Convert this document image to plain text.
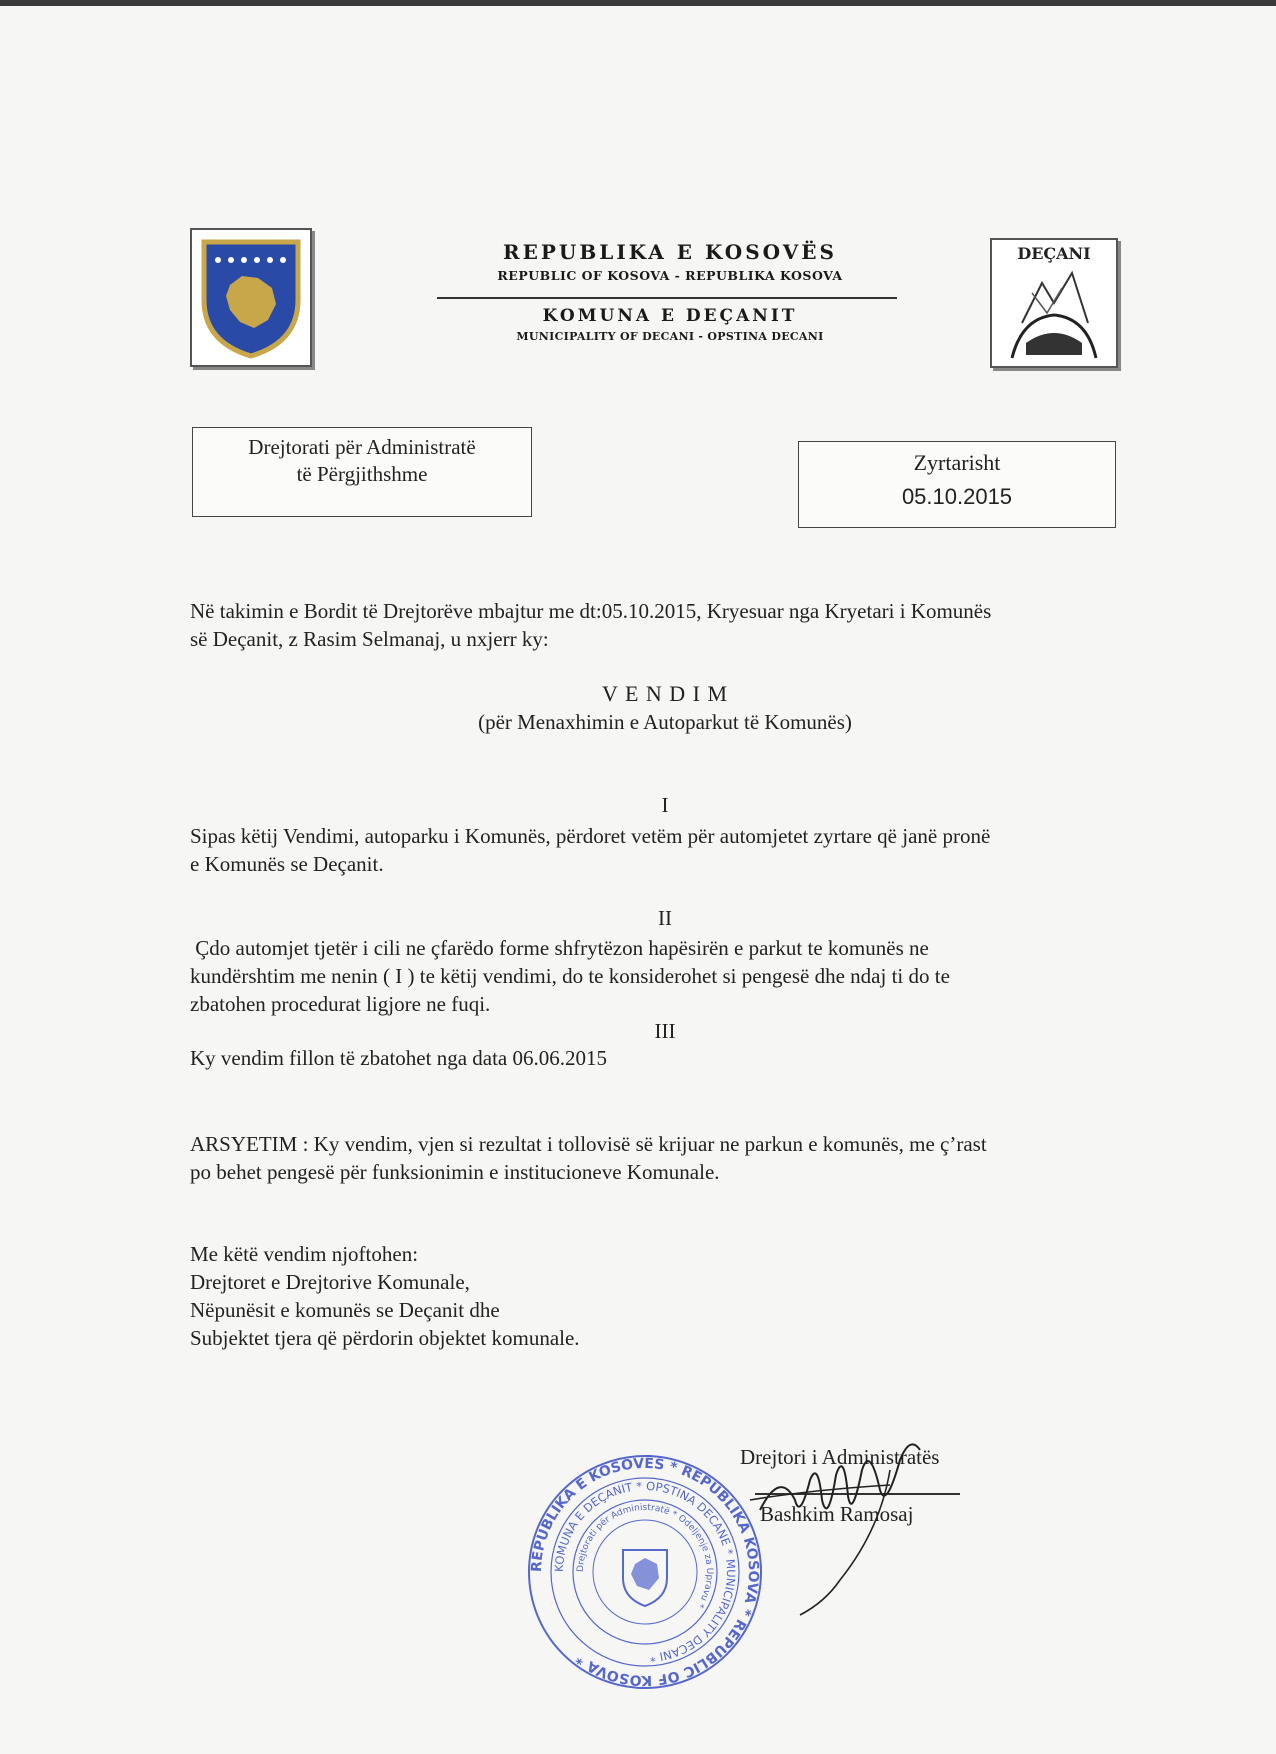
REPUBLIKA E KOSOVËS
REPUBLIC OF KOSOVA - REPUBLIKA KOSOVA
KOMUNA E DEÇANIT
MUNICIPALITY OF DECANI - OPSTINA DECANI
DEÇANI
Drejtorati për Administratë
të Përgjithshme	Zyrtarisht
05.10.2015
Në takimin e Bordit të Drejtorëve mbajtur me dt:05.10.2015, Kryesuar nga Kryetari i Komunës
së Deçanit, z Rasim Selmanaj, u nxjerr ky:
V E N D I M
(për Menaxhimin e Autoparkut të Komunës)
I
Sipas këtij Vendimi, autoparku i Komunës, përdoret vetëm për automjetet zyrtare që janë pronë
e Komunës se Deçanit.
II
Çdo automjet tjetër i cili ne çfarëdo forme shfrytëzon hapësirën e parkut te komunës ne
kundërshtim me nenin ( I ) te këtij vendimi, do te konsiderohet si pengesë dhe ndaj ti do te
zbatohen procedurat ligjore ne fuqi.
III
Ky vendim fillon të zbatohet nga data 06.06.2015
ARSYETIM : Ky vendim, vjen si rezultat i tollovisë së krijuar ne parkun e komunës, me ç’rast
po behet pengesë për funksionimin e institucioneve Komunale.
Me këtë vendim njoftohen:
Drejtoret e Drejtorive Komunale,
Nëpunësit e komunës se Deçanit dhe
Subjektet tjera që përdorin objektet komunale.
Drejtori i Administratës
Bashkim Ramosaj
REPUBLIKA E KOSOVËS * REPUBLIKA KOSOVA * REPUBLIC OF KOSOVA *
KOMUNA E DEÇANIT * OPSTINA DECANE * MUNICIPALITY DECANI *
Drejtorati për Administratë * Odeljenje za Upravu *
